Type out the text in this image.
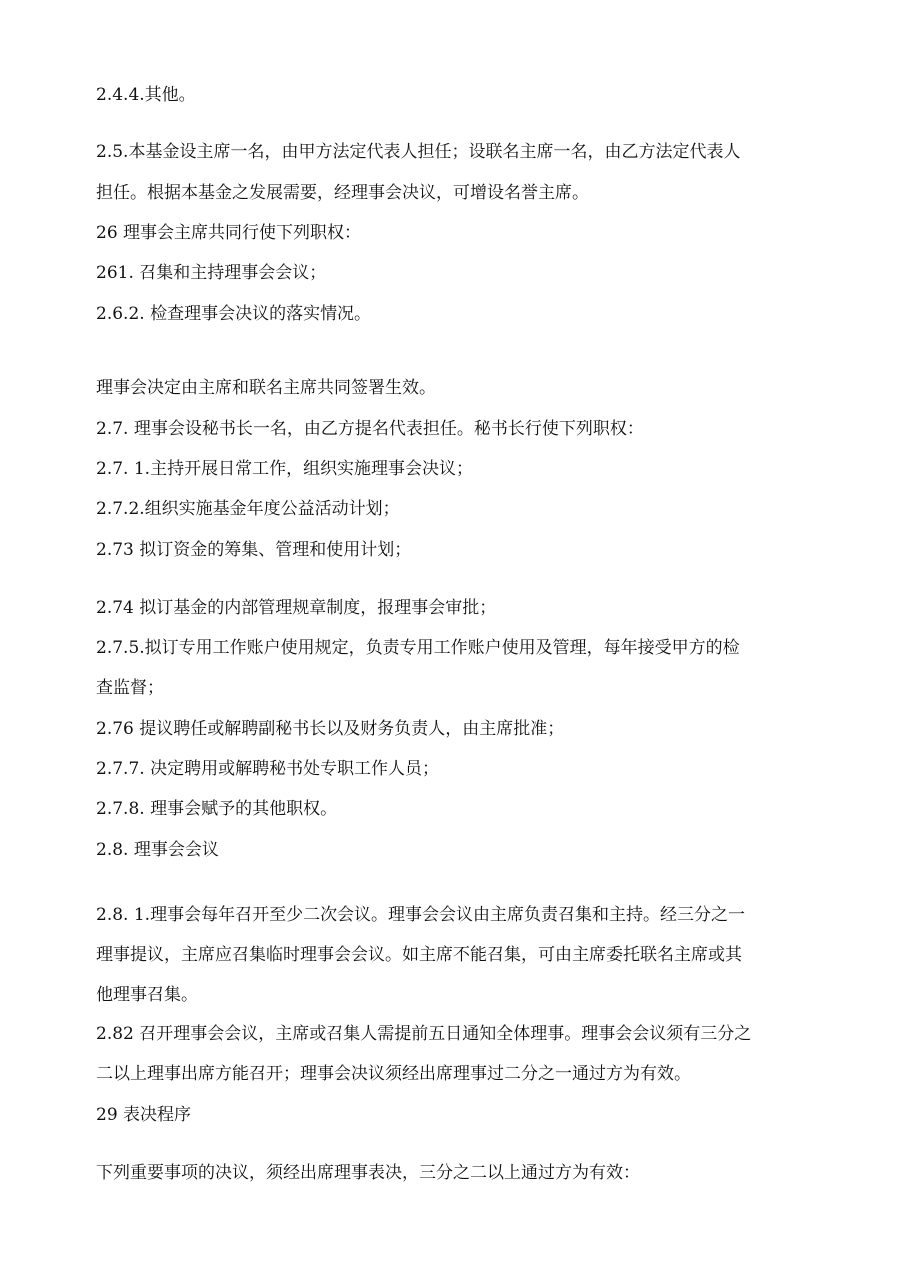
2.4.4.其他。
2.5.本基金设主席一名，由甲方法定代表人担任；设联名主席一名，由乙方法定代表人
担任。根据本基金之发展需要，经理事会决议，可增设名誉主席。
26 理事会主席共同行使下列职权：
261. 召集和主持理事会会议；
2.6.2. 检查理事会决议的落实情况。
理事会决定由主席和联名主席共同签署生效。
2.7. 理事会设秘书长一名，由乙方提名代表担任。秘书长行使下列职权：
2.7. 1.主持开展日常工作，组织实施理事会决议；
2.7.2.组织实施基金年度公益活动计划；
2.73 拟订资金的筹集、管理和使用计划；
2.74 拟订基金的内部管理规章制度，报理事会审批；
2.7.5.拟订专用工作账户使用规定，负责专用工作账户使用及管理，每年接受甲方的检
查监督；
2.76 提议聘任或解聘副秘书长以及财务负责人，由主席批准；
2.7.7. 决定聘用或解聘秘书处专职工作人员；
2.7.8. 理事会赋予的其他职权。
2.8. 理事会会议
2.8. 1.理事会每年召开至少二次会议。理事会会议由主席负责召集和主持。经三分之一
理事提议，主席应召集临时理事会会议。如主席不能召集，可由主席委托联名主席或其
他理事召集。
2.82 召开理事会会议，主席或召集人需提前五日通知全体理事。理事会会议须有三分之
二以上理事出席方能召开；理事会决议须经出席理事过二分之一通过方为有效。
29 表决程序
下列重要事项的决议，须经出席理事表决，三分之二以上通过方为有效：
